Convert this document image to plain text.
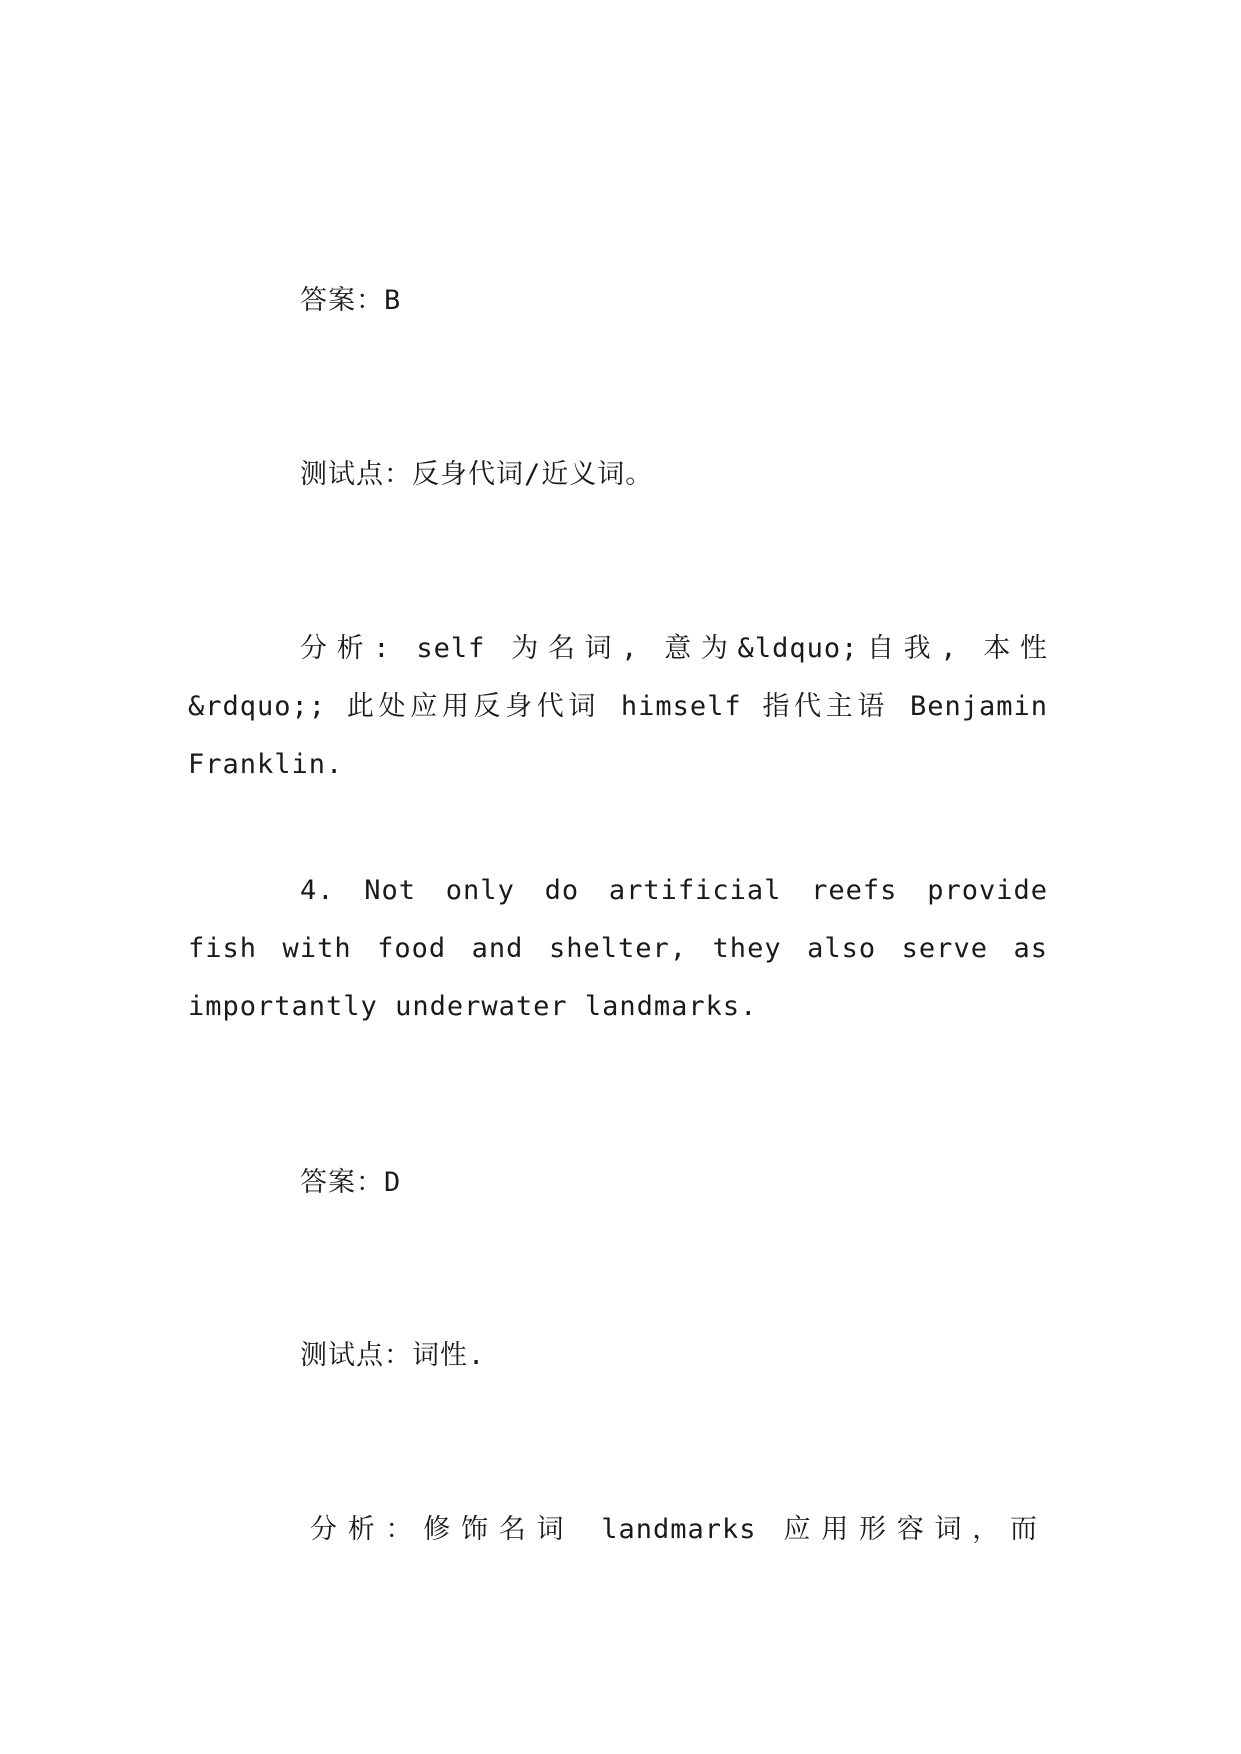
答案：B

测试点：反身代词/近义词。

分析: self 为名词, 意为&ldquo;自我, 本性&rdquo;; 此处应用反身代词 himself 指代主语 Benjamin Franklin.

4. Not only do artificial reefs provide fish with food and shelter, they also serve as importantly underwater landmarks.

答案：D

测试点：词性.

分析：修饰名词 landmarks 应用形容词，而
